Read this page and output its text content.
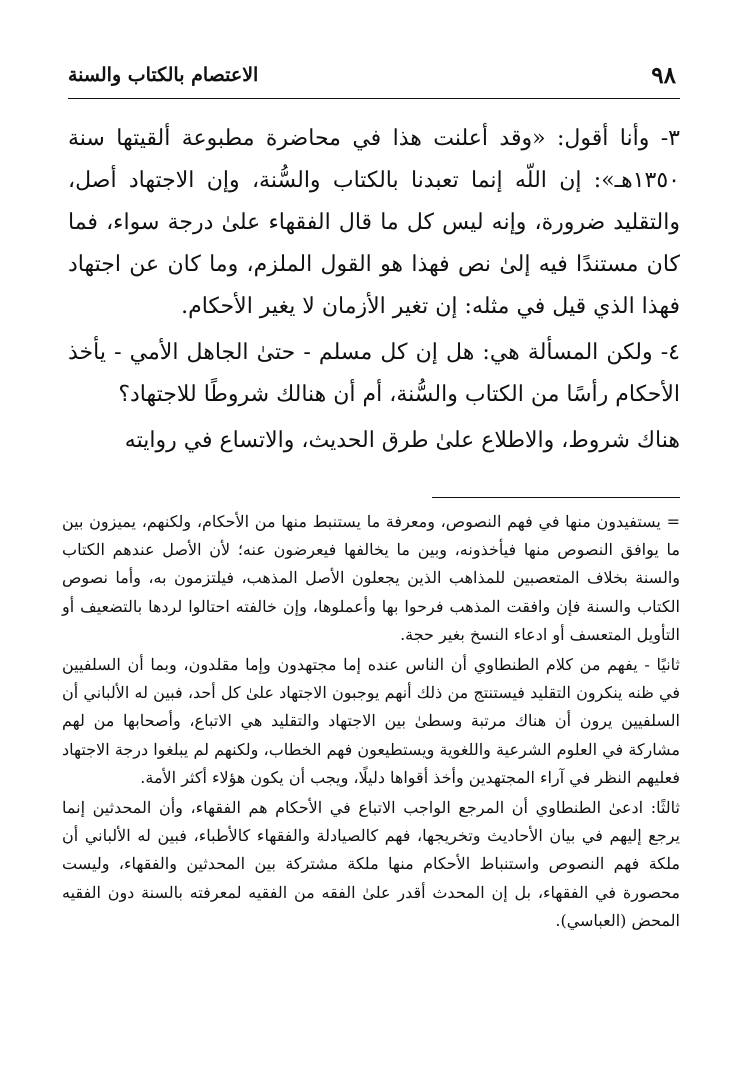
٩٨
الاعتصام بالكتاب والسنة

٣- وأنا أقول: «وقد أعلنت هذا في محاضرة مطبوعة ألقيتها سنة ١٣٥٠هـ»: إن اللّه إنما تعبدنا بالكتاب والسُّنة، وإن الاجتهاد أصل، والتقليد ضرورة، وإنه ليس كل ما قال الفقهاء علىٰ درجة سواء، فما كان مستندًا فيه إلىٰ نص فهذا هو القول الملزم، وما كان عن اجتهاد فهذا الذي قيل في مثله: إن تغير الأزمان لا يغير الأحكام.

٤- ولكن المسألة هي: هل إن كل مسلم - حتىٰ الجاهل الأمي - يأخذ الأحكام رأسًا من الكتاب والسُّنة، أم أن هنالك شروطًا للاجتهاد؟

هناك شروط، والاطلاع علىٰ طرق الحديث، والاتساع في روايته

= يستفيدون منها في فهم النصوص، ومعرفة ما يستنبط منها من الأحكام، ولكنهم، يميزون بين ما يوافق النصوص منها فيأخذونه، وبين ما يخالفها فيعرضون عنه؛ لأن الأصل عندهم الكتاب والسنة بخلاف المتعصبين للمذاهب الذين يجعلون الأصل المذهب، فيلتزمون به، وأما نصوص الكتاب والسنة فإن وافقت المذهب فرحوا بها وأعملوها، وإن خالفته احتالوا لردها بالتضعيف أو التأويل المتعسف أو ادعاء النسخ بغير حجة.

ثانيًا - يفهم من كلام الطنطاوي أن الناس عنده إما مجتهدون وإما مقلدون، وبما أن السلفيين في ظنه ينكرون التقليد فيستنتج من ذلك أنهم يوجبون الاجتهاد علىٰ كل أحد، فبين له الألباني أن السلفيين يرون أن هناك مرتبة وسطىٰ بين الاجتهاد والتقليد هي الاتباع، وأصحابها من لهم مشاركة في العلوم الشرعية واللغوية ويستطيعون فهم الخطاب، ولكنهم لم يبلغوا درجة الاجتهاد فعليهم النظر في آراء المجتهدين وأخذ أقواها دليلًا، ويجب أن يكون هؤلاء أكثر الأمة.

ثالثًا: ادعىٰ الطنطاوي أن المرجع الواجب الاتباع في الأحكام هم الفقهاء، وأن المحدثين إنما يرجع إليهم في بيان الأحاديث وتخريجها، فهم كالصيادلة والفقهاء كالأطباء، فبين له الألباني أن ملكة فهم النصوص واستنباط الأحكام منها ملكة مشتركة بين المحدثين والفقهاء، وليست محصورة في الفقهاء، بل إن المحدث أقدر علىٰ الفقه من الفقيه لمعرفته بالسنة دون الفقيه المحض (العباسي).
